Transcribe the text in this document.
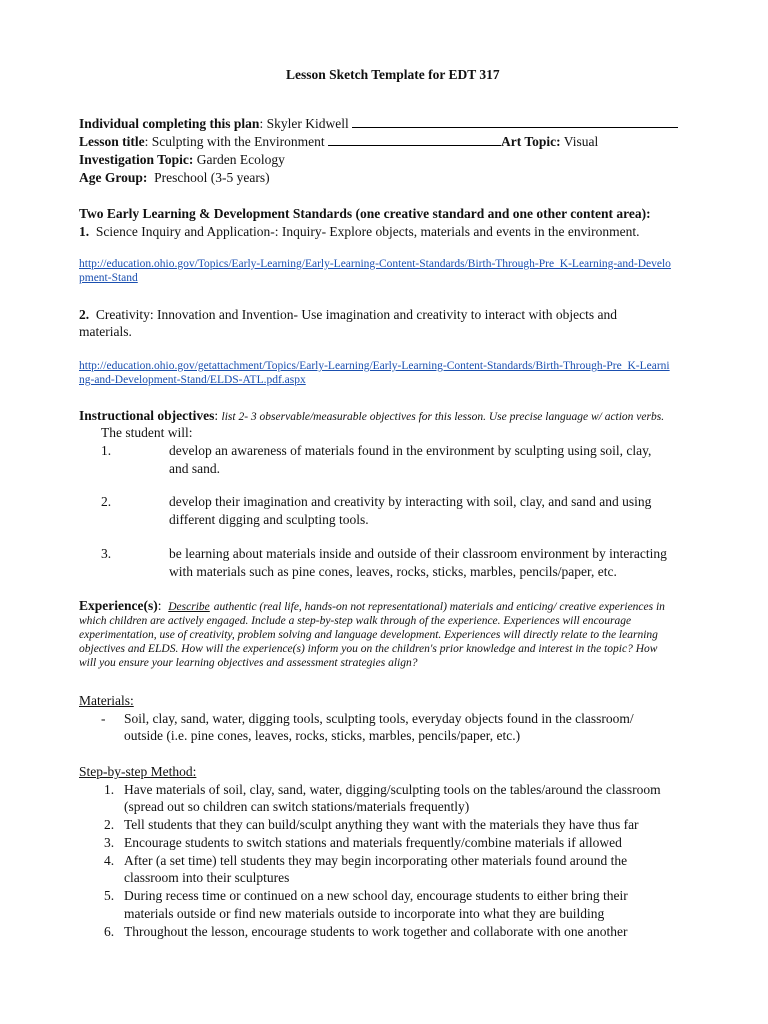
Lesson Sketch Template for EDT 317
Individual completing this plan: Skyler Kidwell
Lesson title: Sculpting with the Environment	Art Topic: Visual
Investigation Topic: Garden Ecology
Age Group: Preschool (3-5 years)
Two Early Learning & Development Standards (one creative standard and one other content area):
1. Science Inquiry and Application-: Inquiry- Explore objects, materials and events in the environment.
http://education.ohio.gov/Topics/Early-Learning/Early-Learning-Content-Standards/Birth-Through-Pre_K-Learning-and-Develo
pment-Stand
2. Creativity: Innovation and Invention- Use imagination and creativity to interact with objects and
materials.
http://education.ohio.gov/getattachment/Topics/Early-Learning/Early-Learning-Content-Standards/Birth-Through-Pre_K-Learni
ng-and-Development-Stand/ELDS-ATL.pdf.aspx
Instructional objectives: list 2- 3 observable/measurable objectives for this lesson. Use precise language w/ action verbs.
The student will:
1.	develop an awareness of materials found in the environment by sculpting using soil, clay,
and sand.
2.	develop their imagination and creativity by interacting with soil, clay, and sand and using
different digging and sculpting tools.
3.	be learning about materials inside and outside of their classroom environment by interacting
with materials such as pine cones, leaves, rocks, sticks, marbles, pencils/paper, etc.
Experience(s):  Describe authentic (real life, hands-on not representational) materials and enticing/ creative experiences in
which children are actively engaged. Include a step-by-step walk through of the experience. Experiences will encourage
experimentation, use of creativity, problem solving and language development. Experiences will directly relate to the learning
objectives and ELDS. How will the experience(s) inform you on the children's prior knowledge and interest in the topic? How
will you ensure your learning objectives and assessment strategies align?
Materials:
- Soil, clay, sand, water, digging tools, sculpting tools, everyday objects found in the classroom/
outside (i.e. pine cones, leaves, rocks, sticks, marbles, pencils/paper, etc.)
Step-by-step Method:
1. Have materials of soil, clay, sand, water, digging/sculpting tools on the tables/around the classroom
(spread out so children can switch stations/materials frequently)
2. Tell students that they can build/sculpt anything they want with the materials they have thus far
3. Encourage students to switch stations and materials frequently/combine materials if allowed
4. After (a set time) tell students they may begin incorporating other materials found around the
classroom into their sculptures
5. During recess time or continued on a new school day, encourage students to either bring their
materials outside or find new materials outside to incorporate into what they are building
6. Throughout the lesson, encourage students to work together and collaborate with one another
